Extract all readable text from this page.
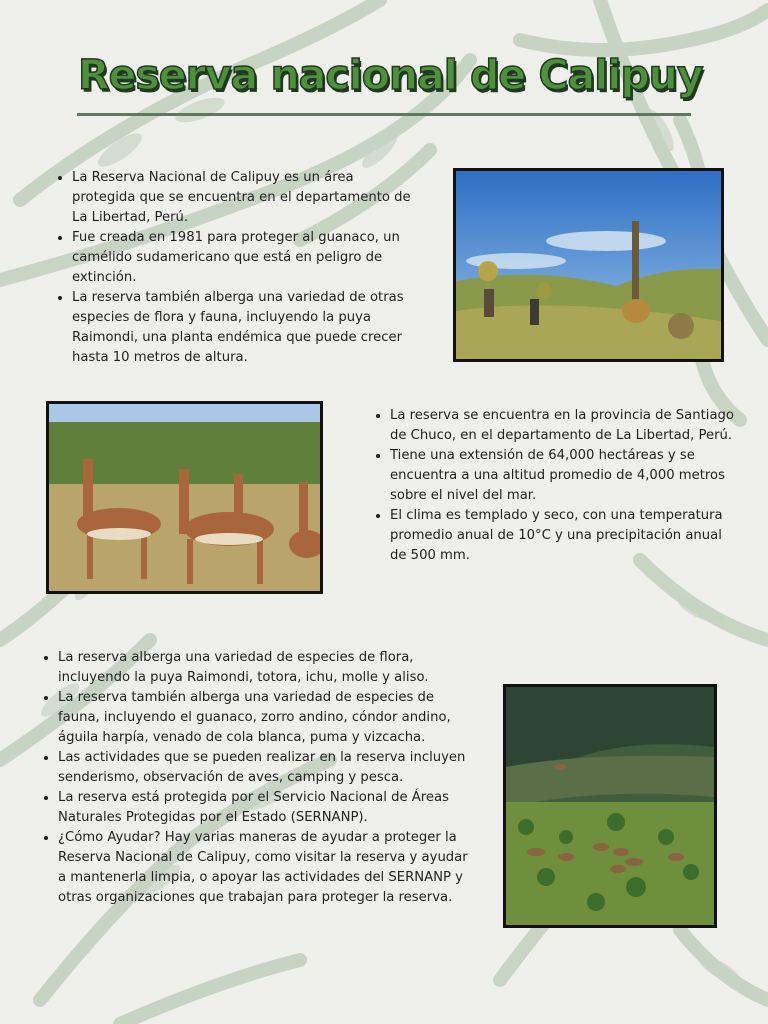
Reserva nacional de Calipuy
• La Reserva Nacional de Calipuy es un área protegida que se encuentra en el departamento de La Libertad, Perú.
• Fue creada en 1981 para proteger al guanaco, un camélido sudamericano que está en peligro de extinción.
• La reserva también alberga una variedad de otras especies de flora y fauna, incluyendo la puya Raimondi, una planta endémica que puede crecer hasta 10 metros de altura.
• La reserva se encuentra en la provincia de Santiago de Chuco, en el departamento de La Libertad, Perú.
• Tiene una extensión de 64,000 hectáreas y se encuentra a una altitud promedio de 4,000 metros sobre el nivel del mar.
• El clima es templado y seco, con una temperatura promedio anual de 10°C y una precipitación anual de 500 mm.
• La reserva alberga una variedad de especies de flora, incluyendo la puya Raimondi, totora, ichu, molle y aliso.
• La reserva también alberga una variedad de especies de fauna, incluyendo el guanaco, zorro andino, cóndor andino, águila harpía, venado de cola blanca, puma y vizcacha.
• Las actividades que se pueden realizar en la reserva incluyen senderismo, observación de aves, camping y pesca.
• La reserva está protegida por el Servicio Nacional de Áreas Naturales Protegidas por el Estado (SERNANP).
• ¿Cómo Ayudar? Hay varias maneras de ayudar a proteger la Reserva Nacional de Calipuy, como visitar la reserva y ayudar a mantenerla limpia, o apoyar las actividades del SERNANP y otras organizaciones que trabajan para proteger la reserva.
